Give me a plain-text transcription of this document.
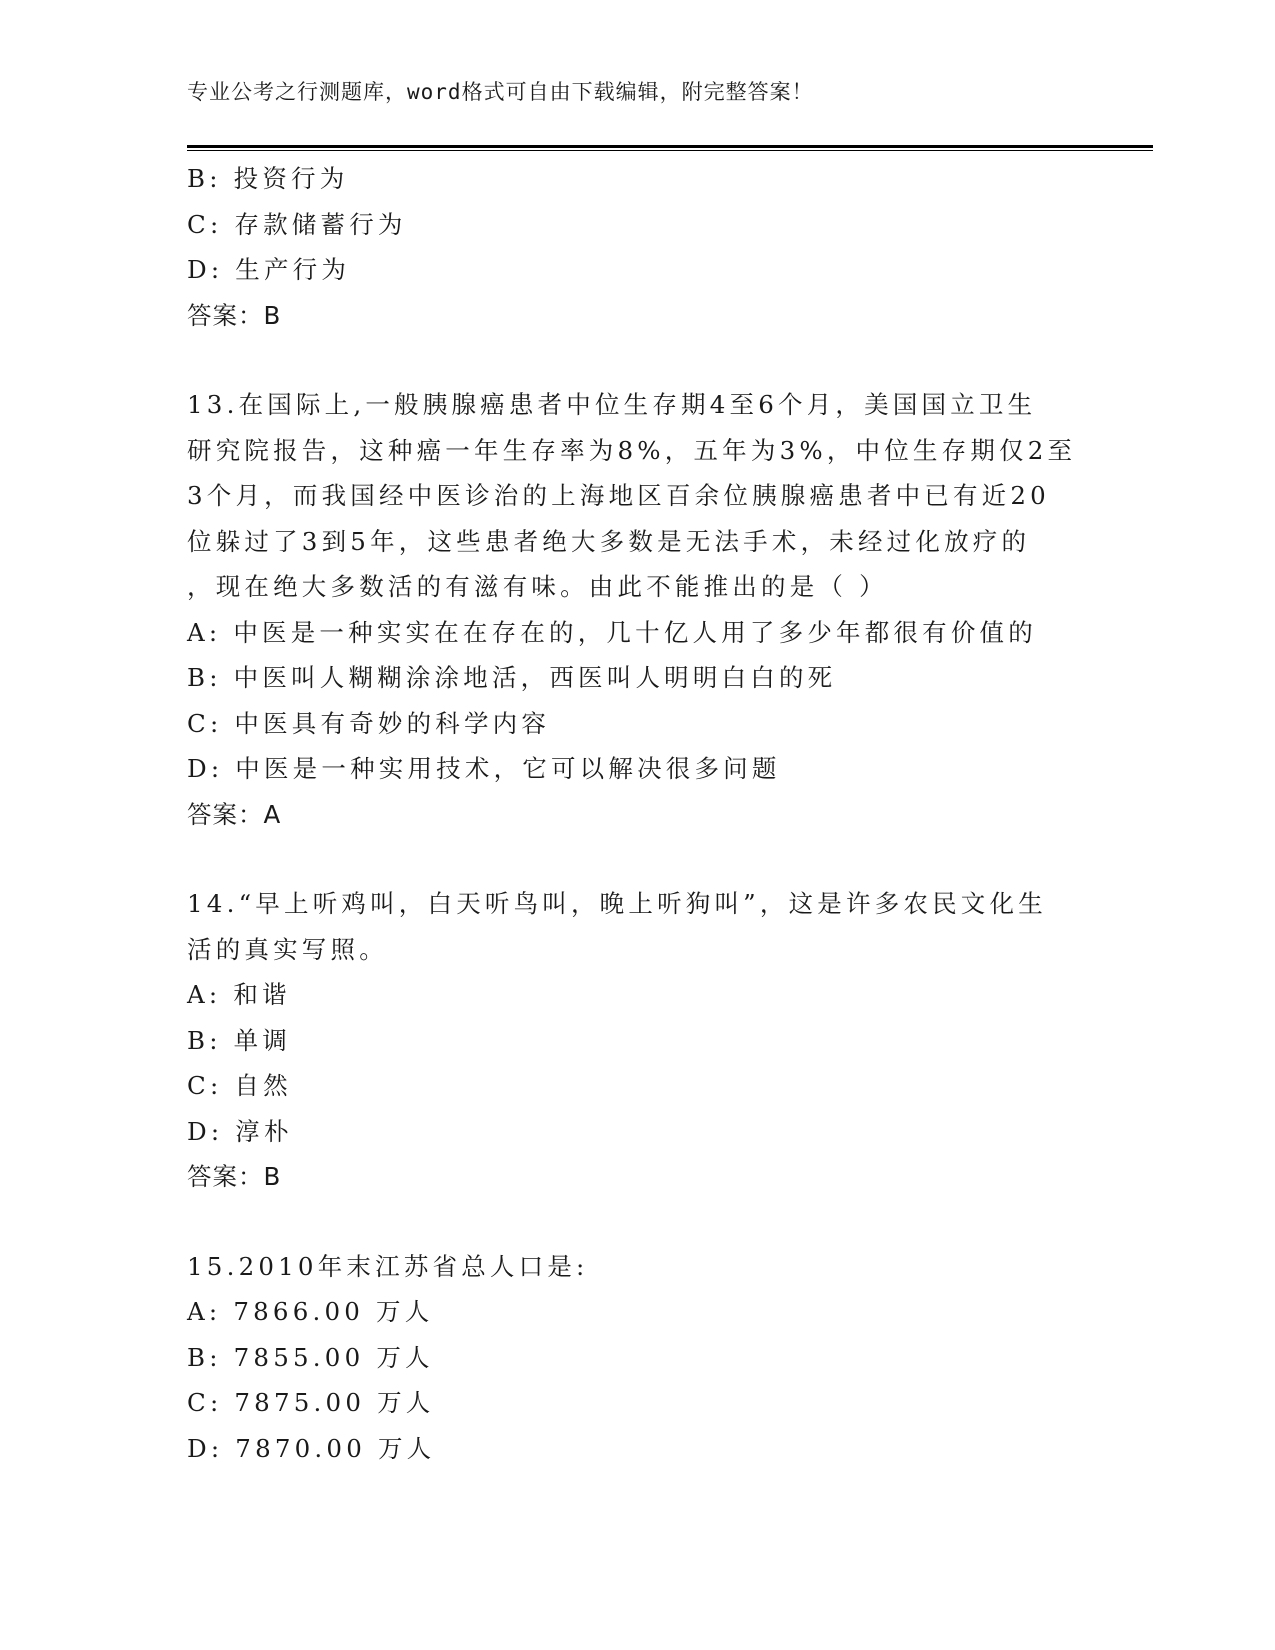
专业公考之行测题库，word格式可自由下载编辑，附完整答案！
B: 投资行为
C: 存款储蓄行为
D: 生产行为
答案：B
13.在国际上,一般胰腺癌患者中位生存期4至6个月，美国国立卫生
研究院报告，这种癌一年生存率为8%，五年为3%，中位生存期仅2至
3个月，而我国经中医诊治的上海地区百余位胰腺癌患者中已有近20
位躲过了3到5年，这些患者绝大多数是无法手术，未经过化放疗的
，现在绝大多数活的有滋有味。由此不能推出的是（ ）
A: 中医是一种实实在在存在的，几十亿人用了多少年都很有价值的
B: 中医叫人糊糊涂涂地活，西医叫人明明白白的死
C: 中医具有奇妙的科学内容
D: 中医是一种实用技术，它可以解决很多问题
答案：A
14.“早上听鸡叫，白天听鸟叫，晚上听狗叫”，这是许多农民文化生
活的真实写照。
A: 和谐
B: 单调
C: 自然
D: 淳朴
答案：B
15.2010年末江苏省总人口是:
A: 7866.00 万人
B: 7855.00 万人
C: 7875.00 万人
D: 7870.00 万人
